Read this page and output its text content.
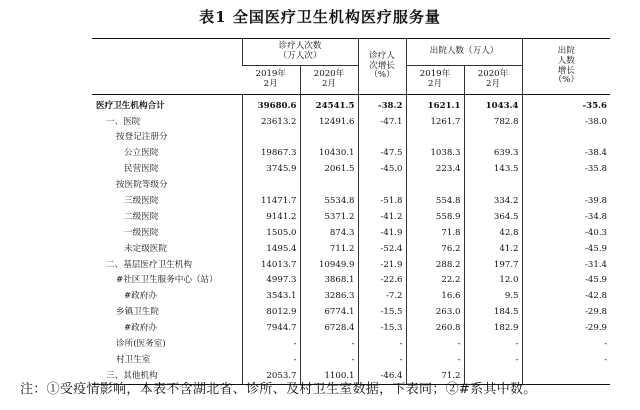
表1 全国医疗卫生机构医疗服务量
	诊疗人次数
（万人次）		诊疗人
次增长
（%）	出院人数（万人）		出院
人数
增长
（%）
	2019年
2月	2020年
2月		2019年
2月	2020年
2月	
医疗卫生机构合计	39680.6	24541.5	-38.2	1621.1	1043.4	-35.6
一、医院	23613.2	12491.6	-47.1	1261.7	782.8	-38.0
按登记注册分						
公立医院	19867.3	10430.1	-47.5	1038.3	639.3	-38.4
民营医院	3745.9	2061.5	-45.0	223.4	143.5	-35.8
按医院等级分						
三级医院	11471.7	5534.8	-51.8	554.8	334.2	-39.8
二级医院	9141.2	5371.2	-41.2	558.9	364.5	-34.8
一级医院	1505.0	874.3	-41.9	71.8	42.8	-40.3
未定级医院	1495.4	711.2	-52.4	76.2	41.2	-45.9
二、基层医疗卫生机构	14013.7	10949.9	-21.9	288.2	197.7	-31.4
#社区卫生服务中心（站）	4997.3	3868.1	-22.6	22.2	12.0	-45.9
#政府办	3543.1	3286.3	-7.2	16.6	9.5	-42.8
乡镇卫生院	8012.9	6774.1	-15.5	263.0	184.5	-29.8
#政府办	7944.7	6728.4	-15.3	260.8	182.9	-29.9
诊所(医务室)	-	-	-	-	-	-
村卫生室	-	-	-	-	-	-
三、其他机构	2053.7	1100.1	-46.4	71.2		
注：①受疫情影响，本表不含湖北省、诊所、及村卫生室数据，下表同；②#系其中数。
